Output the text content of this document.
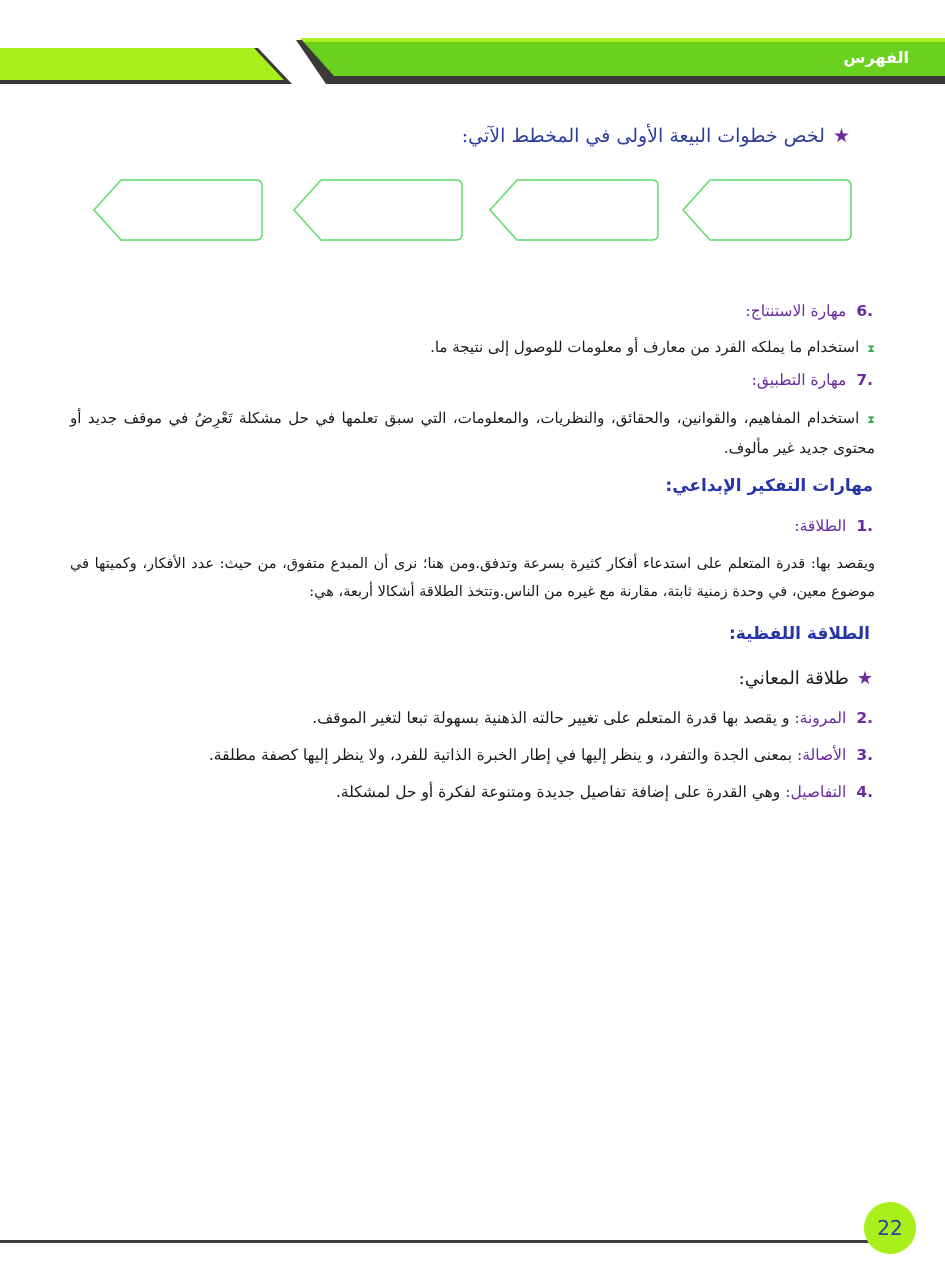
الفهرس
★لخص خطوات البيعة الأولى في المخطط الآتي:
.6مهارة الاستنتاج:
⧗استخدام ما يملكه الفرد من معارف أو معلومات للوصول إلى نتيجة ما.
.7مهارة التطبيق:
⧗استخدام المفاهيم، والقوانين، والحقائق، والنظريات، والمعلومات، التي سبق تعلمها في حل مشكلة تَعْرِضُ في موقف جديد أو محتوى جديد غير مألوف.
مهارات التفكير الإبداعي:
.1الطلاقة:
ويقصد بها: قدرة المتعلم على استدعاء أفكار كثيرة بسرعة وتدفق.ومن هنا؛ نرى أن المبدع متفوق، من حيث: عدد الأفكار، وكميتها في موضوع معين، في وحدة زمنية ثابتة، مقارنة مع غيره من الناس.وتتخذ الطلاقة أشكالا أربعة، هي:
الطلاقة اللفظية:
★طلاقة المعاني:
.2المرونة: و يقصد بها قدرة المتعلم على تغيير حالته الذهنية بسهولة تبعا لتغير الموقف.
.3الأصالة: بمعنى الجدة والتفرد، و ينظر إليها في إطار الخبرة الذاتية للفرد، ولا ينظر إليها كصفة مطلقة.
.4التفاصيل: وهي القدرة على إضافة تفاصيل جديدة ومتنوعة لفكرة أو حل لمشكلة.
22
